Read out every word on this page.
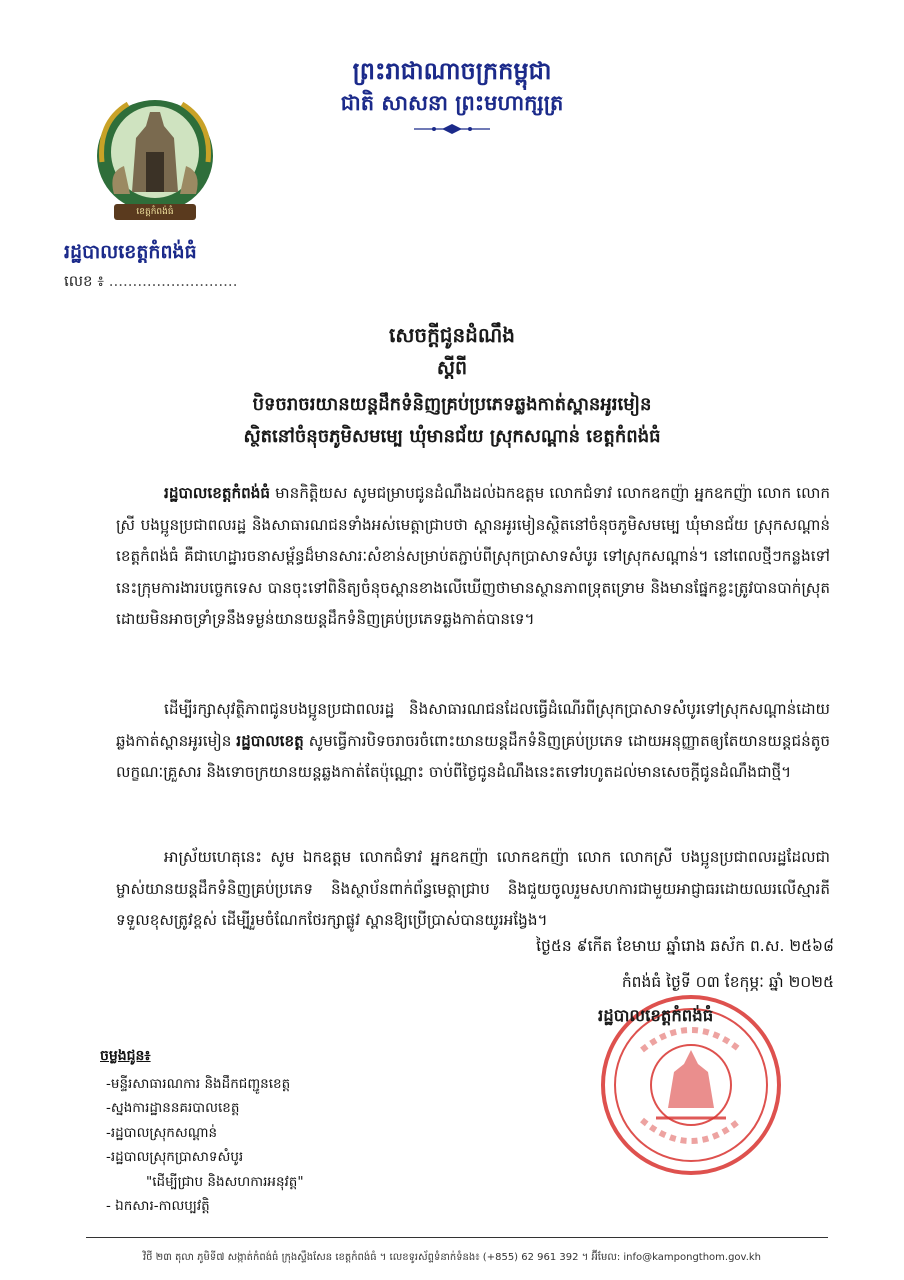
ព្រះរាជាណាចក្រកម្ពុជា
ជាតិ សាសនា ព្រះមហាក្សត្រ
ខេត្តកំពង់ធំ
រដ្ឋបាលខេត្តកំពង់ធំ
លេខ ៖ ...........................
សេចក្តីជូនដំណឹង
ស្តីពី
បិទចរាចរយានយន្តដឹកទំនិញគ្រប់ប្រភេទឆ្លងកាត់ស្ពានអូរមៀន
ស្ថិតនៅចំនុចភូមិសមម្បេ ឃុំមានជ័យ ស្រុកសណ្តាន់ ខេត្តកំពង់ធំ
រដ្ឋបាលខេត្តកំពង់ធំ មានកិត្តិយស សូមជម្រាបជូនដំណឹងដល់ឯកឧត្តម លោកជំទាវ លោកឧកញ៉ា អ្នកឧកញ៉ា លោក លោកស្រី បងប្អូនប្រជាពលរដ្ឋ និងសាធារណជនទាំងអស់មេត្តាជ្រាបថា ស្ពានអូរមៀនស្ថិតនៅចំនុចភូមិសមម្បេ ឃុំមានជ័យ ស្រុកសណ្តាន់ ខេត្តកំពង់ធំ គឺជាហេដ្ឋារចនាសម្ព័ន្ធដ៏មានសារៈសំខាន់សម្រាប់តភ្ជាប់ពីស្រុកប្រាសាទសំបូរ ទៅស្រុកសណ្តាន់។ នៅពេលថ្មីៗកន្លងទៅនេះក្រុមការងារបច្ចេកទេស បានចុះទៅពិនិត្យចំនុចស្ពានខាងលើឃើញថាមានស្ថានភាពទ្រុតទ្រោម និងមានផ្នែកខ្លះត្រូវបានបាក់ស្រុត ដោយមិនអាចទ្រាំទ្រនឹងទម្ងន់យានយន្តដឹកទំនិញគ្រប់ប្រភេទឆ្លងកាត់បានទេ។
ដើម្បីរក្សាសុវត្ថិភាពជូនបងប្អូនប្រជាពលរដ្ឋ និងសាធារណជនដែលធ្វើដំណើរពីស្រុកប្រាសាទសំបូរទៅស្រុកសណ្តាន់ដោយឆ្លងកាត់ស្ពានអូរមៀន រដ្ឋបាលខេត្ត សូមធ្វើការបិទចរាចរចំពោះយានយន្តដឹកទំនិញគ្រប់ប្រភេទ ដោយអនុញ្ញាតឲ្យតែយានយន្តជន់តូចលក្ខណៈគ្រួសារ និងទោចក្រយានយន្តឆ្លងកាត់តែប៉ុណ្ណោះ ចាប់ពីថ្ងៃជូនដំណឹងនេះតទៅរហូតដល់មានសេចក្តីជូនដំណឹងជាថ្មី។
អាស្រ័យហេតុនេះ សូម ឯកឧត្តម លោកជំទាវ អ្នកឧកញ៉ា លោកឧកញ៉ា លោក លោកស្រី បងប្អូនប្រជាពលរដ្ឋដែលជាម្ចាស់យានយន្តដឹកទំនិញគ្រប់ប្រភេទ និងស្ថាប័នពាក់ព័ន្ធមេត្តាជ្រាប និងជួយចូលរួមសហការជាមួយអាជ្ញាធរដោយឈរលើស្មារតីទទួលខុសត្រូវខ្ពស់ ដើម្បីរួមចំណែកថែរក្សាផ្លូវ ស្ពានឱ្យប្រើប្រាស់បានយូរអង្វែង។
ថ្ងៃ៥ន ៩កើត ខែមាឃ ឆ្នាំរោង ឆស័ក ព.ស. ២៥៦៨
កំពង់ធំ ថ្ងៃទី ០៣ ខែកុម្ភៈ ឆ្នាំ ២០២៥
រដ្ឋបាលខេត្តកំពង់ធំ
ចម្លងជូន៖
-មន្ទីរសាធារណការ និងដឹកជញ្ជូនខេត្ត
-ស្នងការដ្ឋាននគរបាលខេត្ត
-រដ្ឋបាលស្រុកសណ្តាន់
-រដ្ឋបាលស្រុកប្រាសាទសំបូរ
"ដើម្បីជ្រាប និងសហការអនុវត្ត"
- ឯកសារ-កាលប្បវត្តិ
វិថី ២៣ តុលា ភូមិទី៧ សង្កាត់កំពង់ធំ ក្រុងស្ទឹងសែន ខេត្តកំពង់ធំ ។ លេខទូរស័ព្ទទំនាក់ទំនង៖ (+855) 62 961 392 ។ អ៊ីមែល: info@kampongthom.gov.kh
